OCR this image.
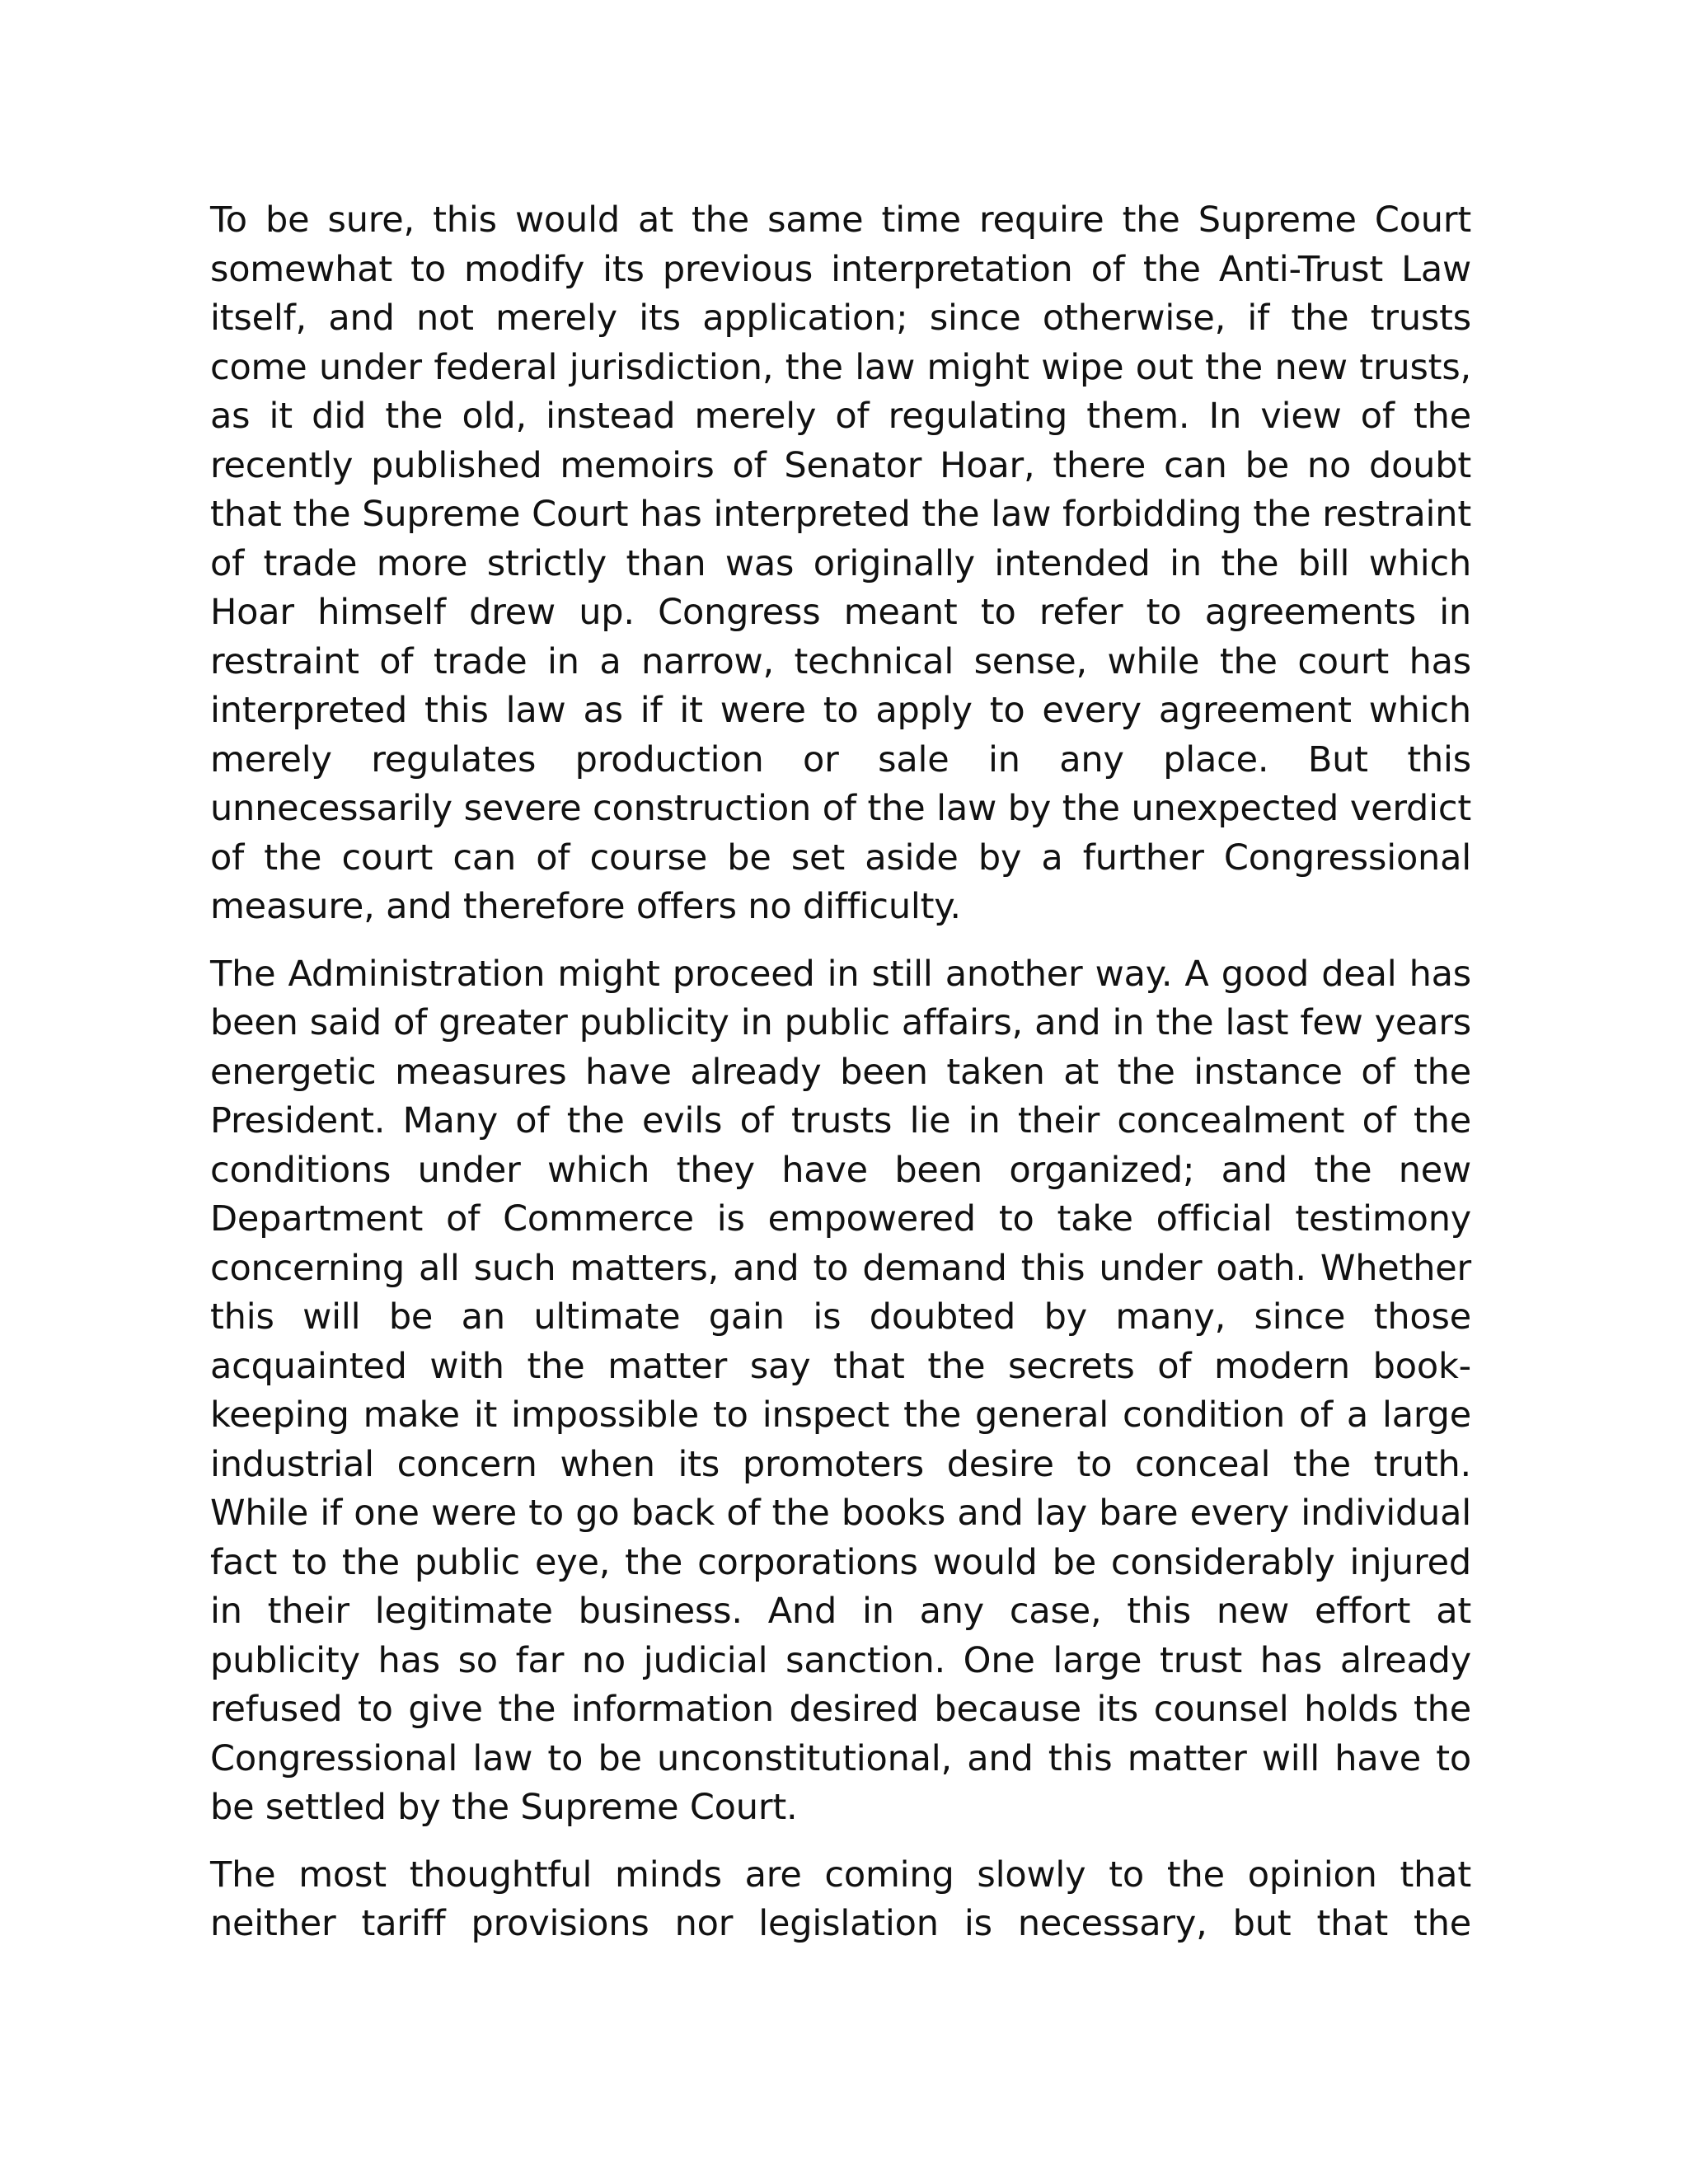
To be sure, this would at the same time require the Supreme Court somewhat to modify its previous interpretation of the Anti-Trust Law itself, and not merely its application; since otherwise, if the trusts come under federal jurisdiction, the law might wipe out the new trusts, as it did the old, instead merely of regulating them. In view of the recently published memoirs of Senator Hoar, there can be no doubt that the Supreme Court has interpreted the law forbidding the restraint of trade more strictly than was originally intended in the bill which Hoar himself drew up. Congress meant to refer to agreements in restraint of trade in a narrow, technical sense, while the court has interpreted this law as if it were to apply to every agreement which merely regulates production or sale in any place. But this unnecessarily severe construction of the law by the unexpected verdict of the court can of course be set aside by a further Congressional measure, and therefore offers no difficulty.

The Administration might proceed in still another way. A good deal has been said of greater publicity in public affairs, and in the last few years energetic measures have already been taken at the instance of the President. Many of the evils of trusts lie in their concealment of the conditions under which they have been organized; and the new Department of Commerce is empowered to take official testimony concerning all such matters, and to demand this under oath. Whether this will be an ultimate gain is doubted by many, since those acquainted with the matter say that the secrets of modern book-keeping make it impossible to inspect the general condition of a large industrial concern when its promoters desire to conceal the truth. While if one were to go back of the books and lay bare every individual fact to the public eye, the corporations would be considerably injured in their legitimate business. And in any case, this new effort at publicity has so far no judicial sanction. One large trust has already refused to give the information desired because its counsel holds the Congressional law to be unconstitutional, and this matter will have to be settled by the Supreme Court.

The most thoughtful minds are coming slowly to the opinion that neither tariff provisions nor legislation is necessary, but that the
